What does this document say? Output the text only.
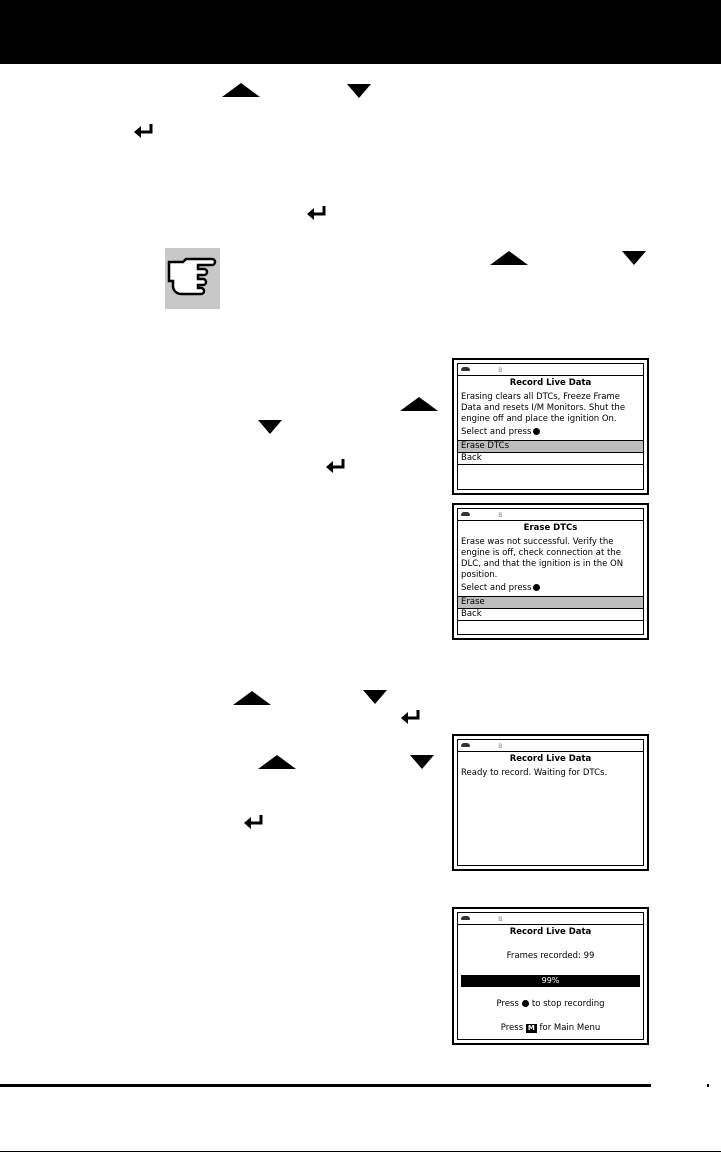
ʙ
Record Live Data
Erasing clears all DTCs, Freeze Frame Data and resets I/M Monitors. Shut the engine off and place the ignition On.
Select and press
Erase DTCs
Back
ʙ
Erase DTCs
Erase was not successful. Verify the engine is off, check connection at the DLC, and that the ignition is in the ON position.
Select and press
Erase
Back
ʙ
Record Live Data
Ready to record. Waiting for DTCs.
ʙ
Record Live Data
Frames recorded: 99
99%
Press to stop recording
Press M for Main Menu
